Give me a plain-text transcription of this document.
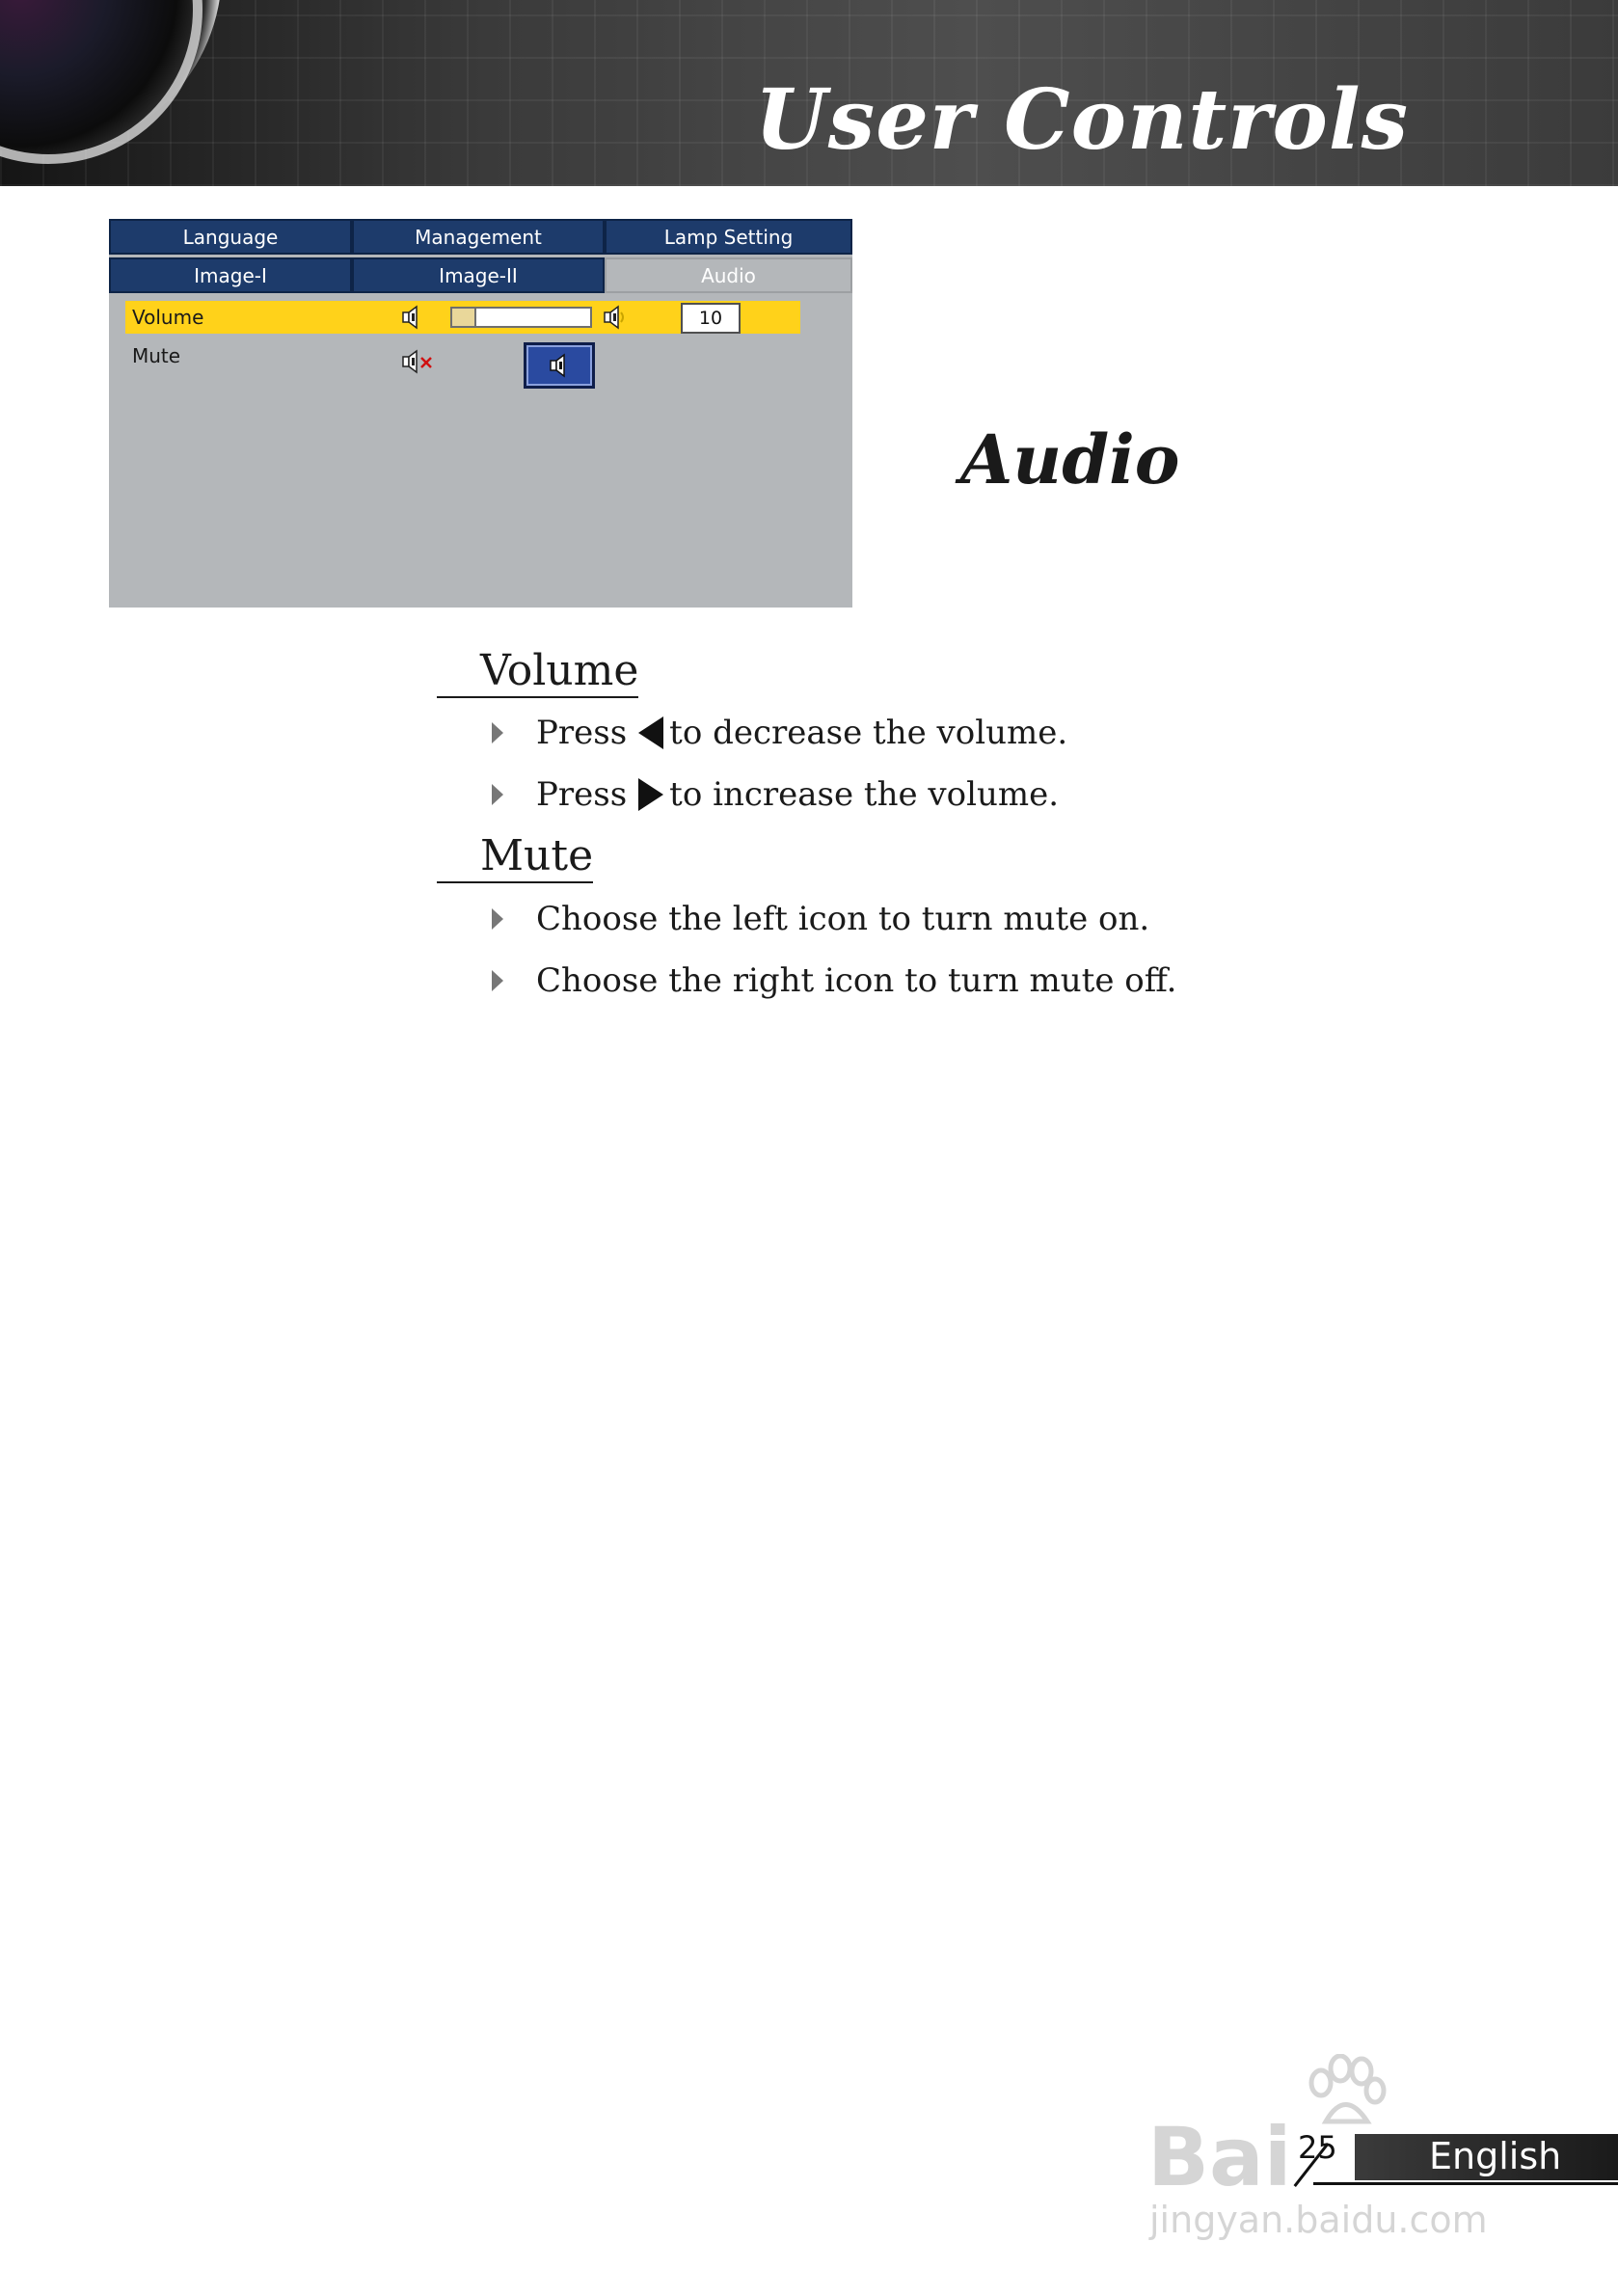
User Controls
Language	Management	Lamp Setting
Image-I	Image-II	Audio
Volume	10
Mute
Audio
Volume
Press to decrease the volume.
Press to increase the volume.
Mute
Choose the left icon to turn mute on.
Choose the right icon to turn mute off.
25	English
Bai
jingyan.baidu.com
